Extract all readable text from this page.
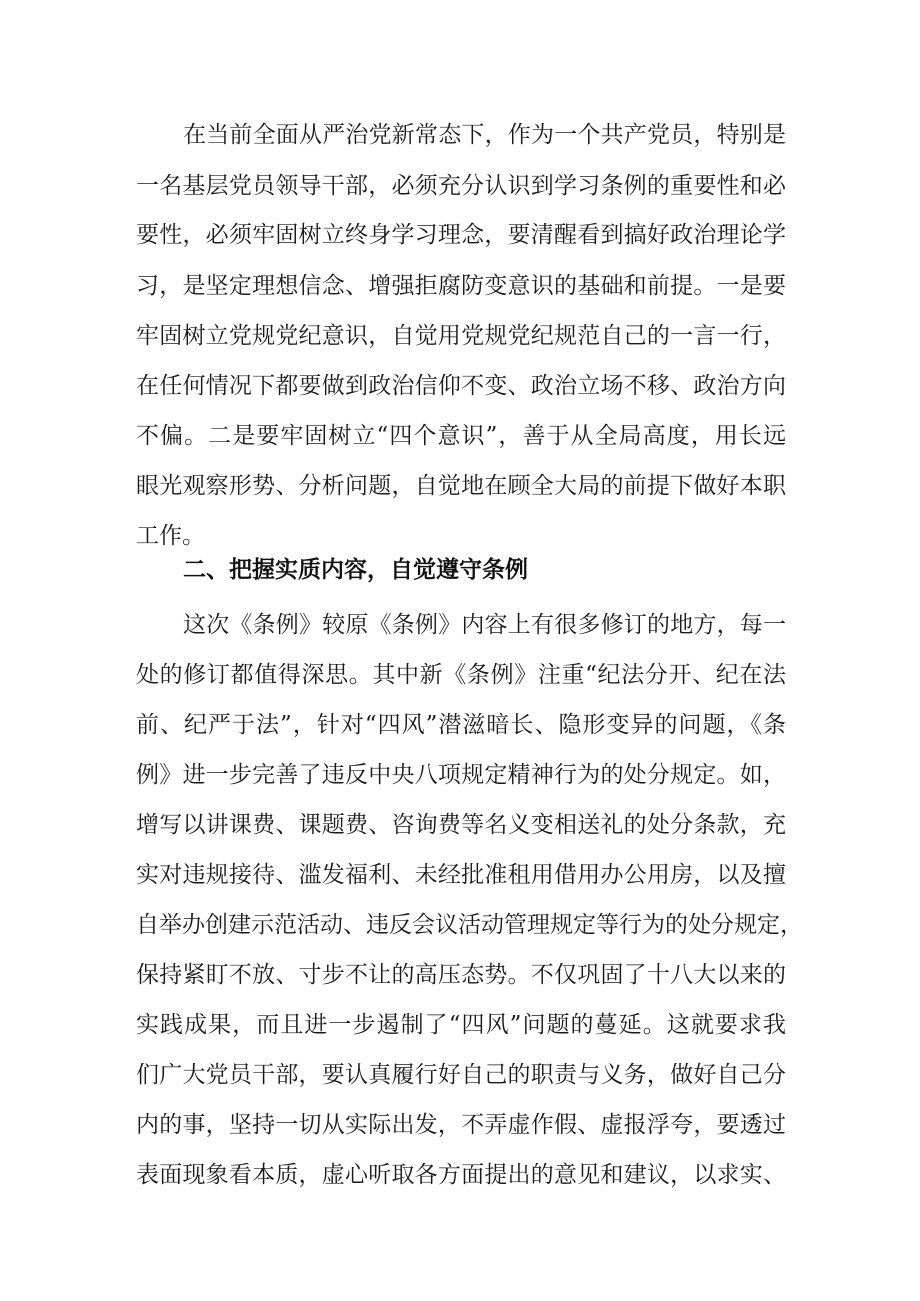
在当前全面从严治党新常态下，作为一个共产党员，特别是
一名基层党员领导干部，必须充分认识到学习条例的重要性和必
要性，必须牢固树立终身学习理念，要清醒看到搞好政治理论学
习，是坚定理想信念、增强拒腐防变意识的基础和前提。一是要
牢固树立党规党纪意识，自觉用党规党纪规范自己的一言一行，
在任何情况下都要做到政治信仰不变、政治立场不移、政治方向
不偏。二是要牢固树立“四个意识”，善于从全局高度，用长远
眼光观察形势、分析问题，自觉地在顾全大局的前提下做好本职
工作。
二、把握实质内容，自觉遵守条例
这次《条例》较原《条例》内容上有很多修订的地方，每一
处的修订都值得深思。其中新《条例》注重“纪法分开、纪在法
前、纪严于法”，针对“四风”潜滋暗长、隐形变异的问题，《条
例》进一步完善了违反中央八项规定精神行为的处分规定。如，
增写以讲课费、课题费、咨询费等名义变相送礼的处分条款，充
实对违规接待、滥发福利、未经批准租用借用办公用房，以及擅
自举办创建示范活动、违反会议活动管理规定等行为的处分规定，
保持紧盯不放、寸步不让的高压态势。不仅巩固了十八大以来的
实践成果，而且进一步遏制了“四风”问题的蔓延。这就要求我
们广大党员干部，要认真履行好自己的职责与义务，做好自己分
内的事，坚持一切从实际出发，不弄虚作假、虚报浮夸，要透过
表面现象看本质，虚心听取各方面提出的意见和建议，以求实、
